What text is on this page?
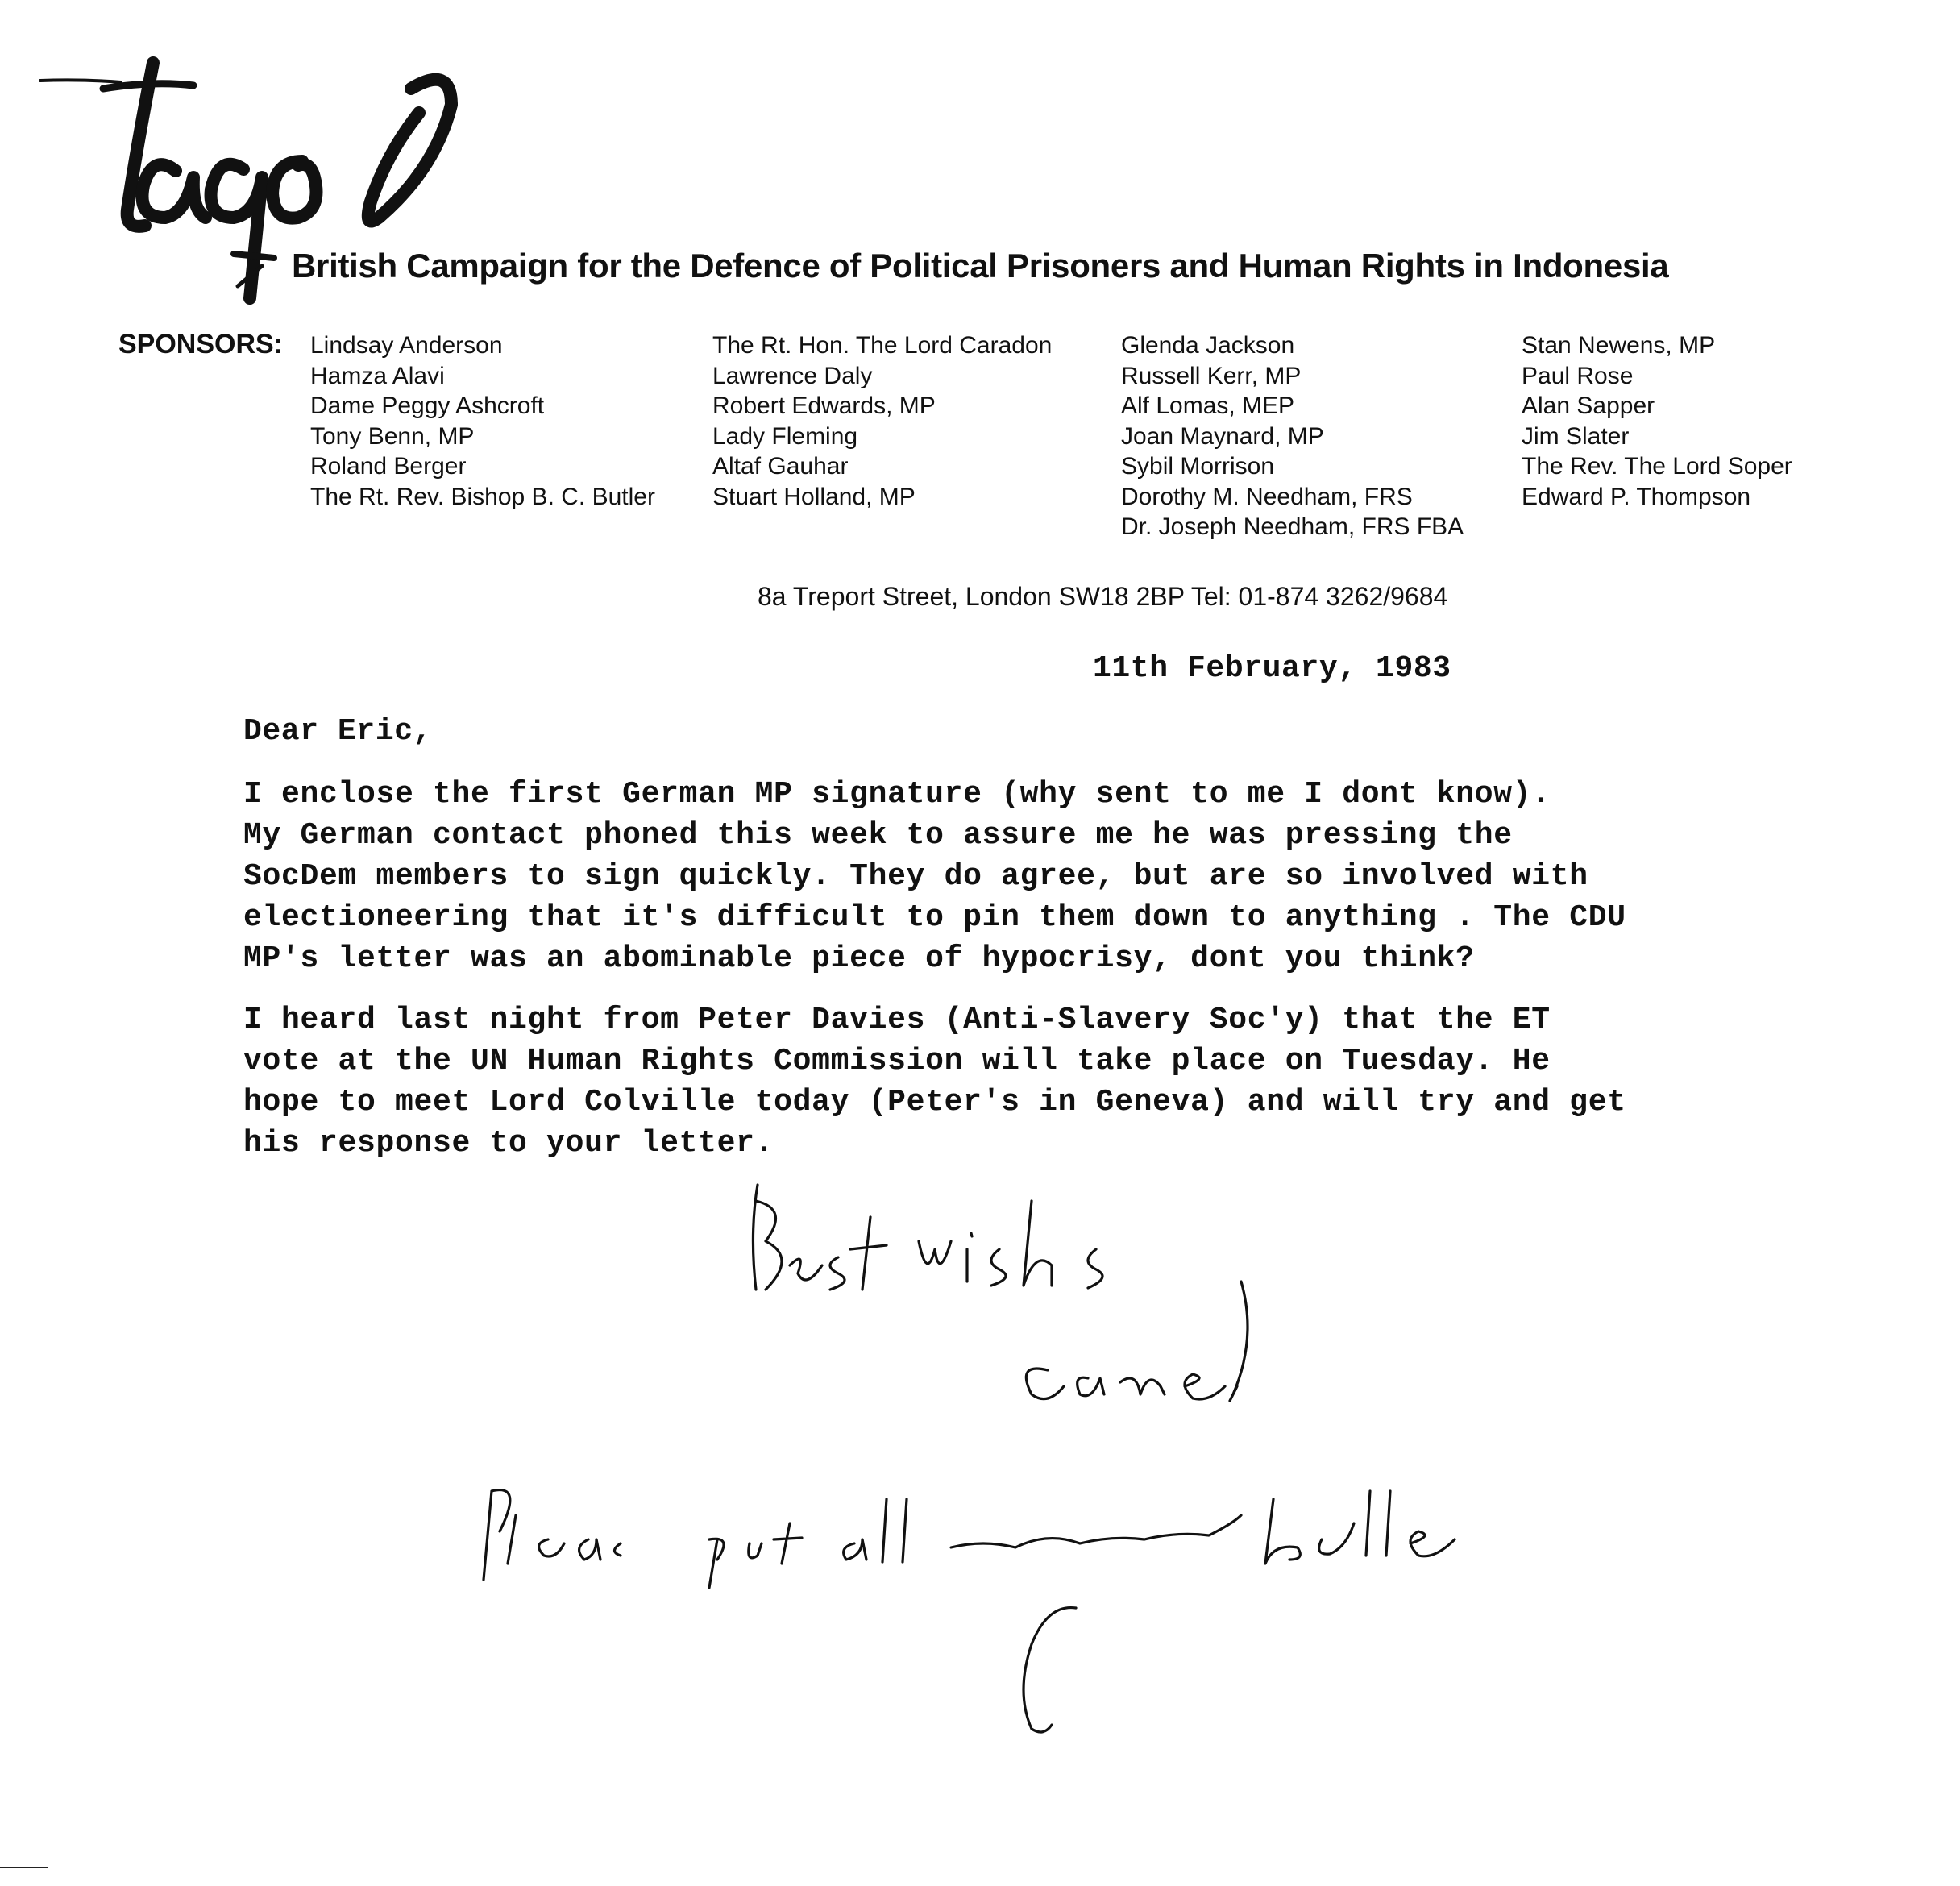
British Campaign for the Defence of Political Prisoners and Human Rights in Indonesia
SPONSORS: Lindsay Anderson
Hamza Alavi
Dame Peggy Ashcroft
Tony Benn, MP
Roland Berger
The Rt. Rev. Bishop B. C. Butler
The Rt. Hon. The Lord Caradon
Lawrence Daly
Robert Edwards, MP
Lady Fleming
Altaf Gauhar
Stuart Holland, MP
Glenda Jackson
Russell Kerr, MP
Alf Lomas, MEP
Joan Maynard, MP
Sybil Morrison
Dorothy M. Needham, FRS
Dr. Joseph Needham, FRS FBA
Stan Newens, MP
Paul Rose
Alan Sapper
Jim Slater
The Rev. The Lord Soper
Edward P. Thompson
8a Treport Street, London SW18 2BP Tel: 01-874 3262/9684
11th February, 1983
Dear Eric,
I enclose the first German MP signature (why sent to me I dont know).
My German contact phoned this week to assure me he was pressing the
SocDem members to sign quickly. They do agree, but are so involved with
electioneering that it's difficult to pin them down to anything . The CDU
MP's letter was an abominable piece of hypocrisy, dont you think?
I heard last night from Peter Davies (Anti-Slavery Soc'y) that the ET
vote at the UN Human Rights Commission will take place on Tuesday. He
hope to meet Lord Colville today (Peter's in Geneva) and will try and get
his response to your letter.
